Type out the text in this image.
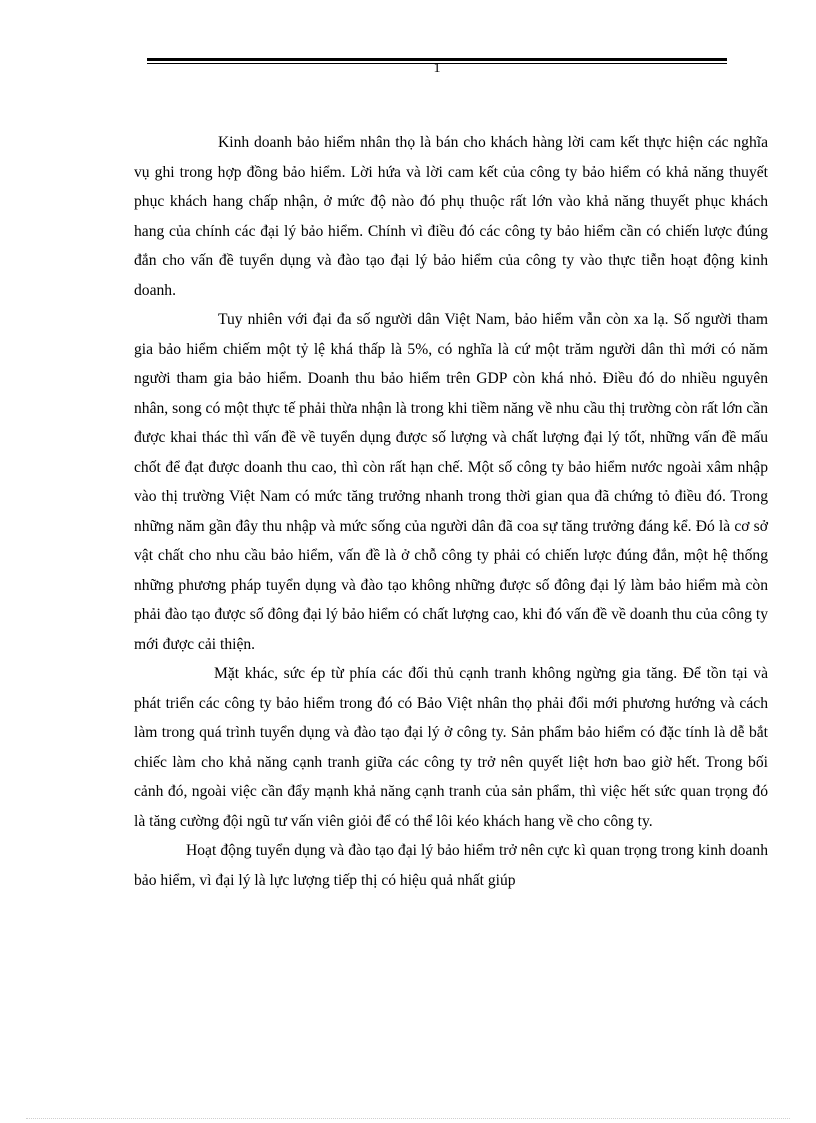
1

Kinh doanh bảo hiểm nhân thọ là bán cho khách hàng lời cam kết thực hiện các nghĩa vụ ghi trong hợp đồng bảo hiểm. Lời hứa và lời cam kết của công ty bảo hiểm có khả năng thuyết phục khách hang chấp nhận, ở mức độ nào đó phụ thuộc rất lớn vào khả năng thuyết phục khách hang của chính các đại lý bảo hiểm. Chính vì điều đó các công ty bảo hiểm cần có chiến lược đúng đắn cho vấn đề tuyển dụng và đào tạo đại lý bảo hiểm của công ty vào thực tiễn hoạt động kinh doanh.

Tuy nhiên với đại đa số người dân Việt Nam, bảo hiểm vẫn còn xa lạ. Số người tham gia bảo hiểm chiếm một tỷ lệ khá thấp là 5%, có nghĩa là cứ một trăm người dân thì mới có năm người tham gia bảo hiểm. Doanh thu bảo hiểm trên GDP còn khá nhỏ. Điều đó do nhiều nguyên nhân, song có một thực tế phải thừa nhận là trong khi tiềm năng về nhu cầu thị trường còn rất lớn cần được khai thác thì vấn đề về tuyển dụng được số lượng và chất lượng đại lý tốt, những vấn đề mấu chốt để đạt được doanh thu cao, thì còn rất hạn chế. Một số công ty bảo hiểm nước ngoài xâm nhập vào thị trường Việt Nam có mức tăng trưởng nhanh trong thời gian qua đã chứng tỏ điều đó. Trong những năm gần đây thu nhập và mức sống của người dân đã coa sự tăng trưởng đáng kể. Đó là cơ sở vật chất cho nhu cầu bảo hiểm, vấn đề là ở chỗ công ty phải có chiến lược đúng đắn, một hệ thống những phương pháp tuyển dụng và đào tạo không những được số đông đại lý làm bảo hiểm mà còn phải đào tạo được số đông đại lý bảo hiểm có chất lượng cao, khi đó vấn đề về doanh thu của công ty mới được cải thiện.

Mặt khác, sức ép từ phía các đối thủ cạnh tranh không ngừng gia tăng. Để tồn tại và phát triển các công ty bảo hiểm trong đó có Bảo Việt nhân thọ phải đổi mới phương hướng và cách làm trong quá trình tuyển dụng và đào tạo đại lý ở công ty. Sản phẩm bảo hiểm có đặc tính là dễ bắt chiếc làm cho khả năng cạnh tranh giữa các công ty trở nên quyết liệt hơn bao giờ hết. Trong bối cảnh đó, ngoài việc cần đẩy mạnh khả năng cạnh tranh của sản phẩm, thì việc hết sức quan trọng đó là tăng cường đội ngũ tư vấn viên giỏi để có thể lôi kéo khách hang về cho công ty.

Hoạt động tuyển dụng và đào tạo đại lý bảo hiểm trở nên cực kì quan trọng trong kinh doanh bảo hiểm, vì đại lý là lực lượng tiếp thị có hiệu quả nhất giúp
